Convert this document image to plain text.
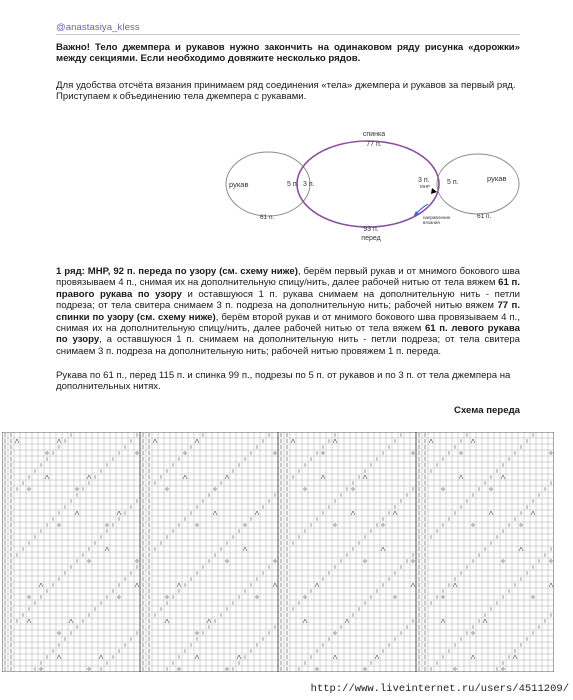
@anastasiya_kless
Важно! Тело джемпера и рукавов нужно закончить на одинаковом ряду рисунка «дорожки» между секциями. Если необходимо довяжите несколько рядов.
Для удобства отсчёта вязания принимаем ряд соединения «тела» джемпера и рукавов за первый ряд.
Приступаем к объединению тела джемпера с рукавами.
спинка
77 п.
рукав	5 п. 3 п.
3 п.
МНР
5 п.	рукав
61 п.	61 п.
93 п.
перед
направление
вязания
1 ряд: МНР, 92 п. переда по узору (см. схему ниже), берём первый рукав и от мнимого бокового шва провязываем 4 п., снимая их на дополнительную спицу/нить, далее рабочей нитью от тела вяжем 61 п. правого рукава по узору и оставшуюся 1 п. рукава снимаем на дополнительную нить - петли подреза; от тела свитера снимаем 3 п. подреза на дополнительную нить; рабочей нитью вяжем 77 п. спинки по узору (см. схему ниже), берём второй рукав и от мнимого бокового шва провязываем 4 п., снимая их на дополнительную спицу/нить, далее рабочей нитью от тела вяжем 61 п. левого рукава по узору, а оставшуюся 1 п. снимаем на дополнительную нить - петли подреза; от тела свитера снимаем 3 п. подреза на дополнительную нить; рабочей нитью провяжем 1 п. переда.
Рукава по 61 п., перед 115 п. и спинка 99 п., подрезы по 5 п. от рукавов и по 3 п. от тела джемпера на дополнительных нитях.
Схема переда
http://www.liveinternet.ru/users/4511209/
